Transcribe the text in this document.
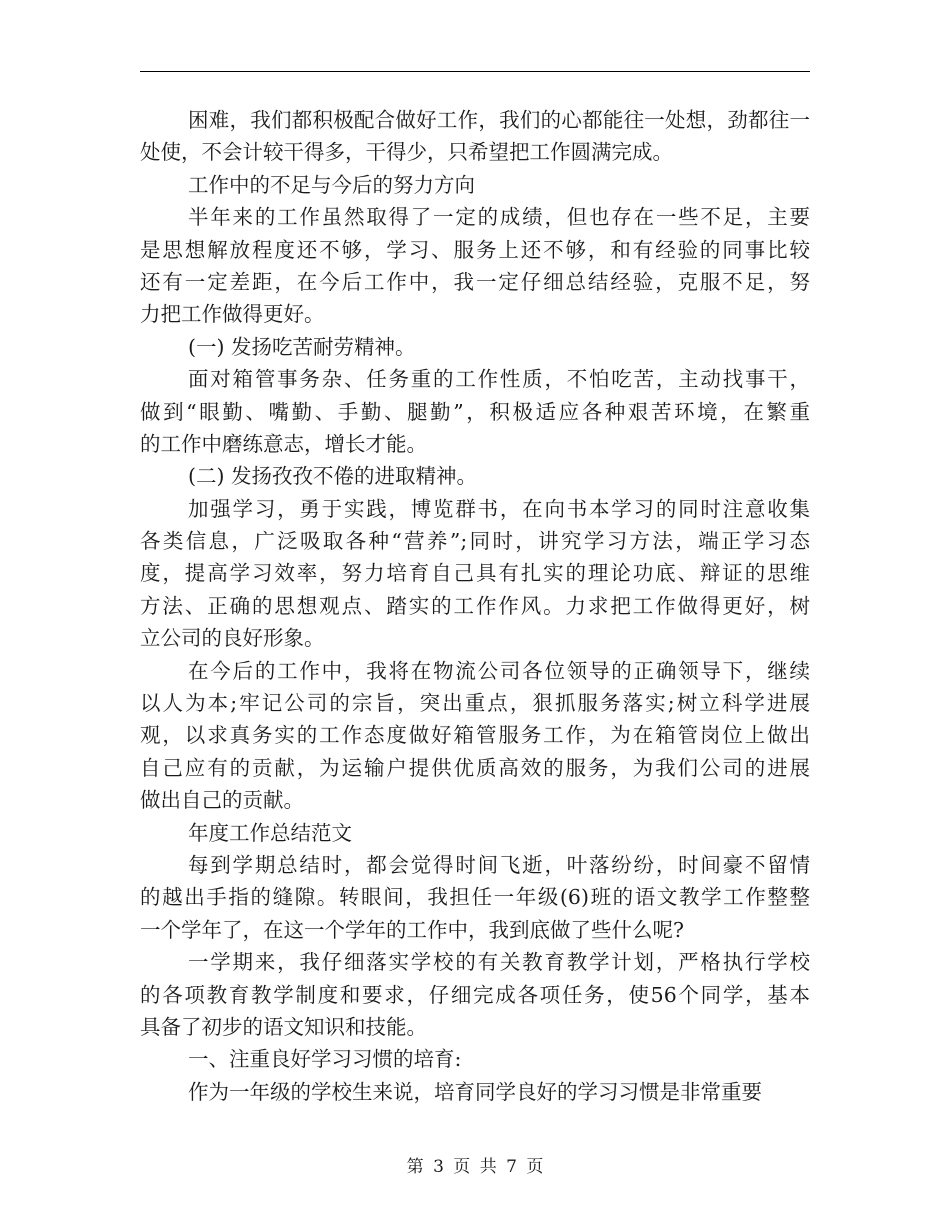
困难，我们都积极配合做好工作，我们的心都能往一处想，劲都往一
处使，不会计较干得多，干得少，只希望把工作圆满完成。
工作中的不足与今后的努力方向
半年来的工作虽然取得了一定的成绩，但也存在一些不足，主要
是思想解放程度还不够，学习、服务上还不够，和有经验的同事比较
还有一定差距，在今后工作中，我一定仔细总结经验，克服不足，努
力把工作做得更好。
(一) 发扬吃苦耐劳精神。
面对箱管事务杂、任务重的工作性质，不怕吃苦，主动找事干，
做到“眼勤、嘴勤、手勤、腿勤”，积极适应各种艰苦环境，在繁重
的工作中磨练意志，增长才能。
(二) 发扬孜孜不倦的进取精神。
加强学习，勇于实践，博览群书，在向书本学习的同时注意收集
各类信息，广泛吸取各种“营养”;同时，讲究学习方法，端正学习态
度，提高学习效率，努力培育自己具有扎实的理论功底、辩证的思维
方法、正确的思想观点、踏实的工作作风。力求把工作做得更好，树
立公司的良好形象。
在今后的工作中，我将在物流公司各位领导的正确领导下，继续
以人为本;牢记公司的宗旨，突出重点，狠抓服务落实;树立科学进展
观，以求真务实的工作态度做好箱管服务工作，为在箱管岗位上做出
自己应有的贡献，为运输户提供优质高效的服务，为我们公司的进展
做出自己的贡献。
年度工作总结范文
每到学期总结时，都会觉得时间飞逝，叶落纷纷，时间豪不留情
的越出手指的缝隙。转眼间，我担任一年级(6)班的语文教学工作整整
一个学年了，在这一个学年的工作中，我到底做了些什么呢?
一学期来，我仔细落实学校的有关教育教学计划，严格执行学校
的各项教育教学制度和要求，仔细完成各项任务，使56个同学，基本
具备了初步的语文知识和技能。
一、注重良好学习习惯的培育:
作为一年级的学校生来说，培育同学良好的学习习惯是非常重要
第 3 页 共 7 页
